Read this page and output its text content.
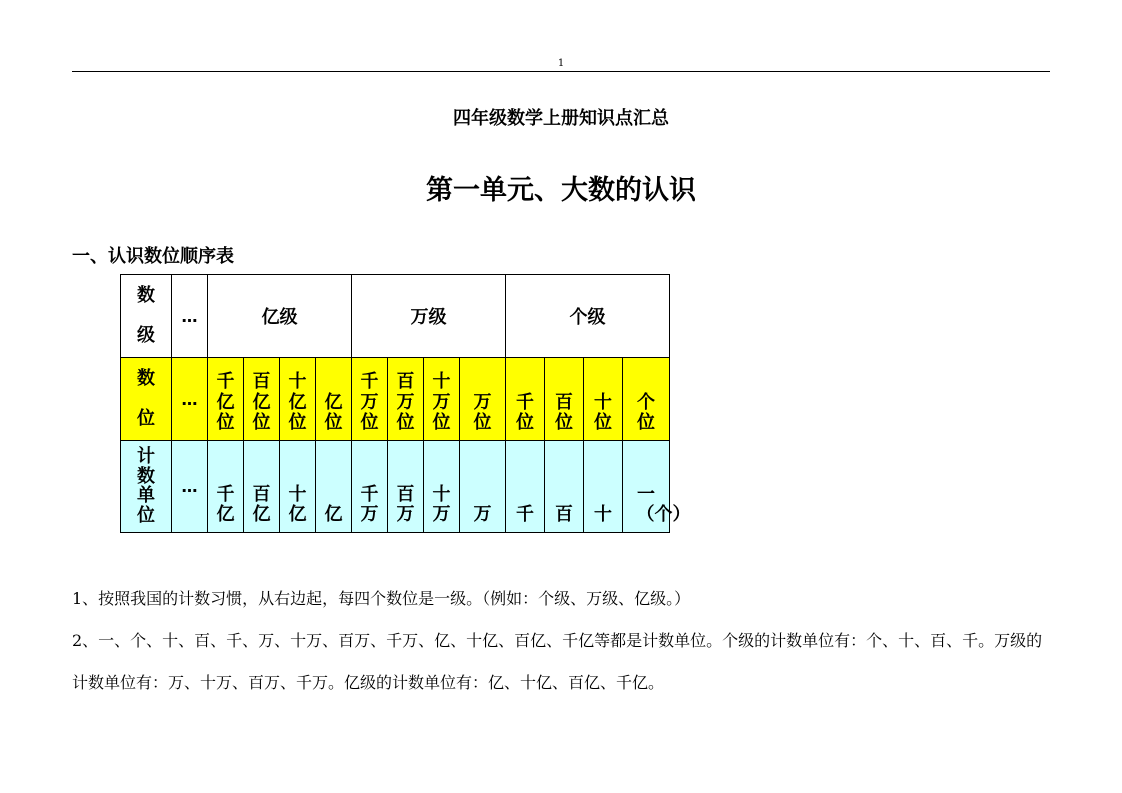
1
四年级数学上册知识点汇总
第一单元、大数的认识
一、认识数位顺序表
数级	…	亿级				万级				个级			
数位	…	千亿位	百亿位	十亿位	亿位	千万位	百万位	十万位	万位	千位	百位	十位	个位
计数单位	…	千亿	百亿	十亿	亿	千万	百万	十万	万	千	百	十	一（个）
1、按照我国的计数习惯，从右边起，每四个数位是一级。（例如：个级、万级、亿级。）
2、一、个、十、百、千、万、十万、百万、千万、亿、十亿、百亿、千亿等都是计数单位。个级的计数单位有：个、十、百、千。万级的计数单位有：万、十万、百万、千万。亿级的计数单位有：亿、十亿、百亿、千亿。
